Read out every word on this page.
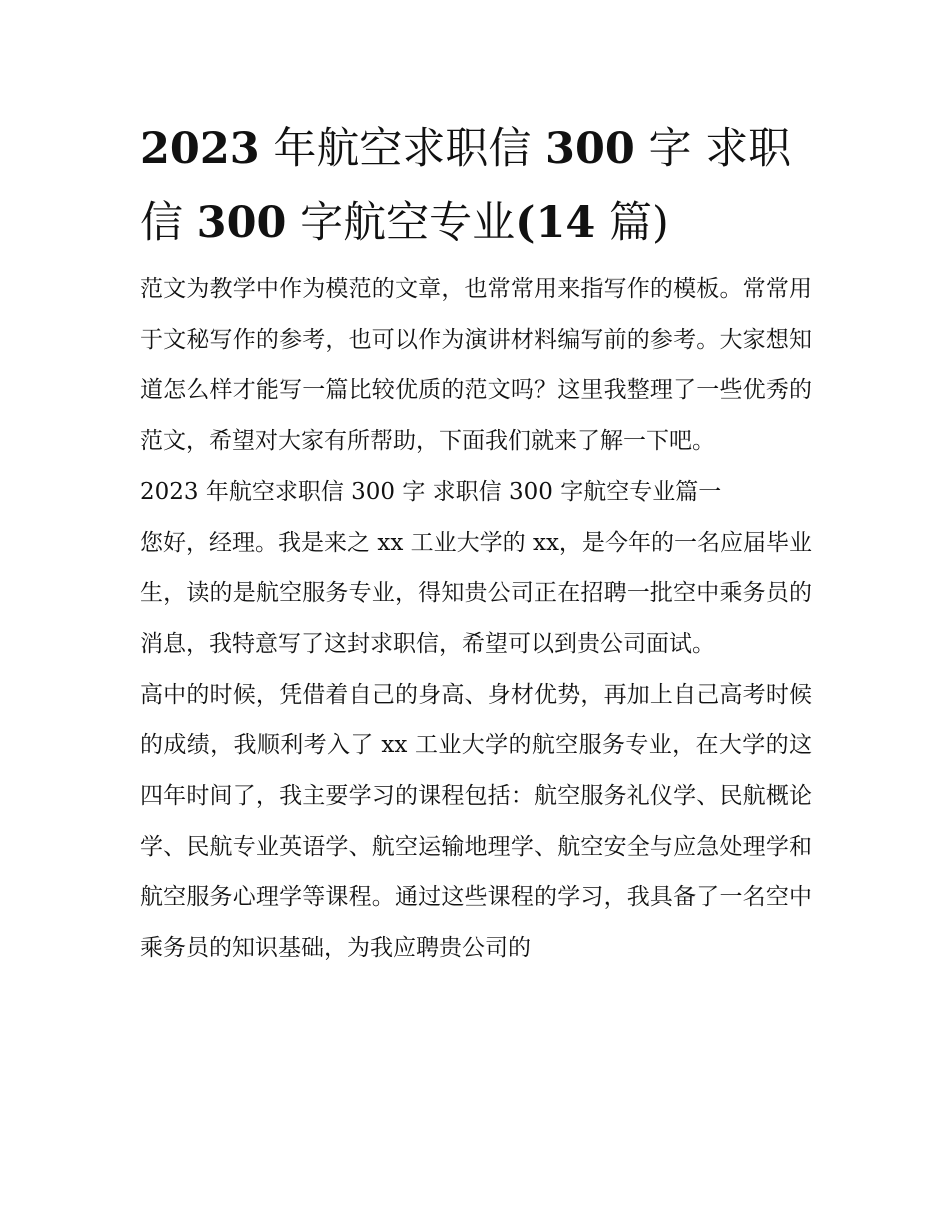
2023 年航空求职信 300 字 求职信 300 字航空专业(14 篇)

范文为教学中作为模范的文章，也常常用来指写作的模板。常常用于文秘写作的参考，也可以作为演讲材料编写前的参考。大家想知道怎么样才能写一篇比较优质的范文吗？这里我整理了一些优秀的范文，希望对大家有所帮助，下面我们就来了解一下吧。

2023 年航空求职信 300 字 求职信 300 字航空专业篇一

您好，经理。我是来之 xx 工业大学的 xx，是今年的一名应届毕业生，读的是航空服务专业，得知贵公司正在招聘一批空中乘务员的消息，我特意写了这封求职信，希望可以到贵公司面试。

高中的时候，凭借着自己的身高、身材优势，再加上自己高考时候的成绩，我顺利考入了 xx 工业大学的航空服务专业，在大学的这四年时间了，我主要学习的课程包括：航空服务礼仪学、民航概论学、民航专业英语学、航空运输地理学、航空安全与应急处理学和航空服务心理学等课程。通过这些课程的学习，我具备了一名空中乘务员的知识基础，为我应聘贵公司的
